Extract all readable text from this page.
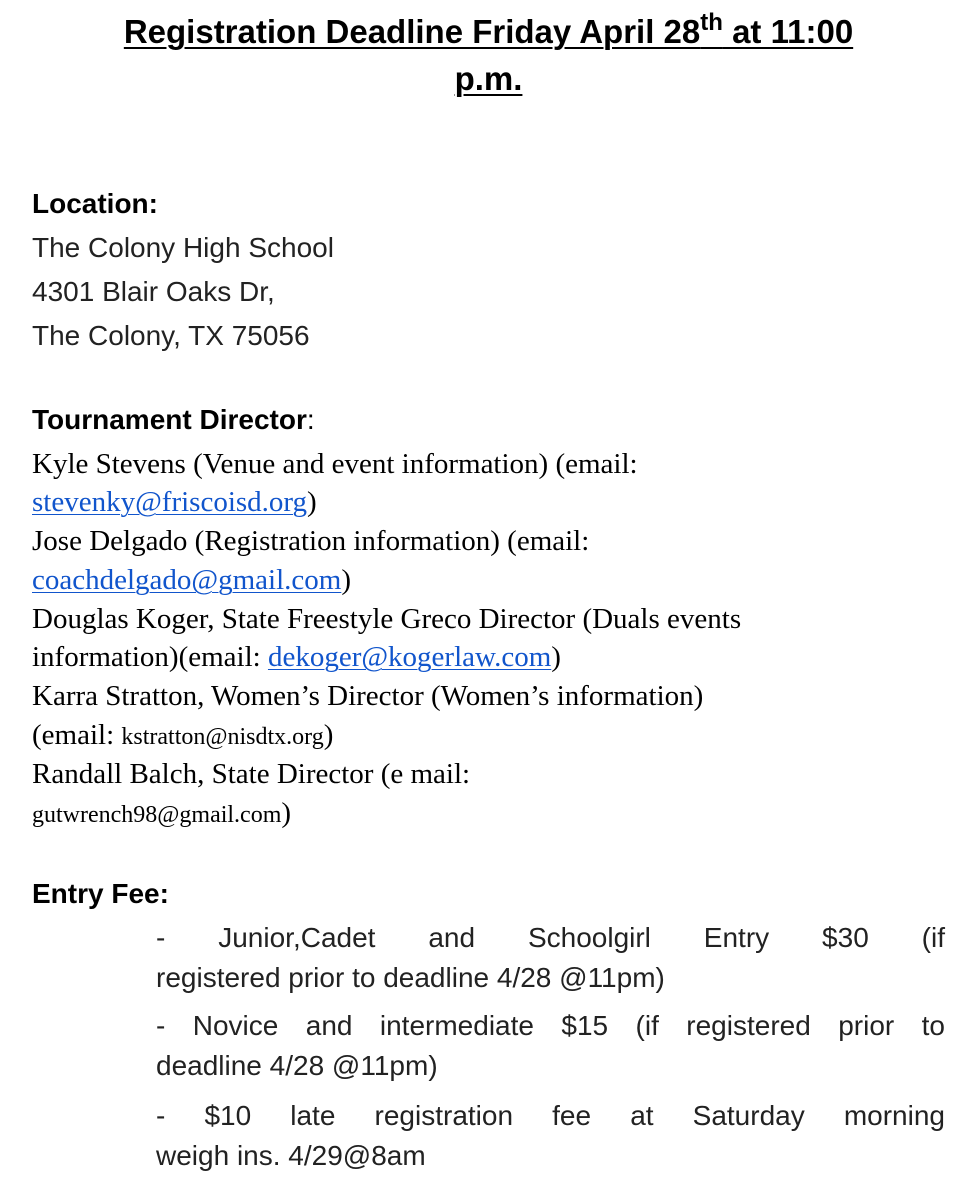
Registration Deadline Friday April 28th at 11:00
p.m.
Location:
The Colony High School
4301 Blair Oaks Dr,
The Colony, TX 75056
Tournament Director:
Kyle Stevens (Venue and event information) (email:
stevenky@friscoisd.org)
Jose Delgado (Registration information) (email:
coachdelgado@gmail.com)
Douglas Koger, State Freestyle Greco Director (Duals events
information)(email: dekoger@kogerlaw.com)
Karra Stratton, Women’s Director (Women’s information)
(email: kstratton@nisdtx.org)
Randall Balch, State Director (e mail:
gutwrench98@gmail.com)
Entry Fee:
- Junior,Cadet and Schoolgirl Entry $30 (if
registered prior to deadline 4/28 @11pm)
- Novice and intermediate $15 (if registered prior to
deadline 4/28 @11pm)
- $10 late registration fee at Saturday morning
weigh ins. 4/29@8am
